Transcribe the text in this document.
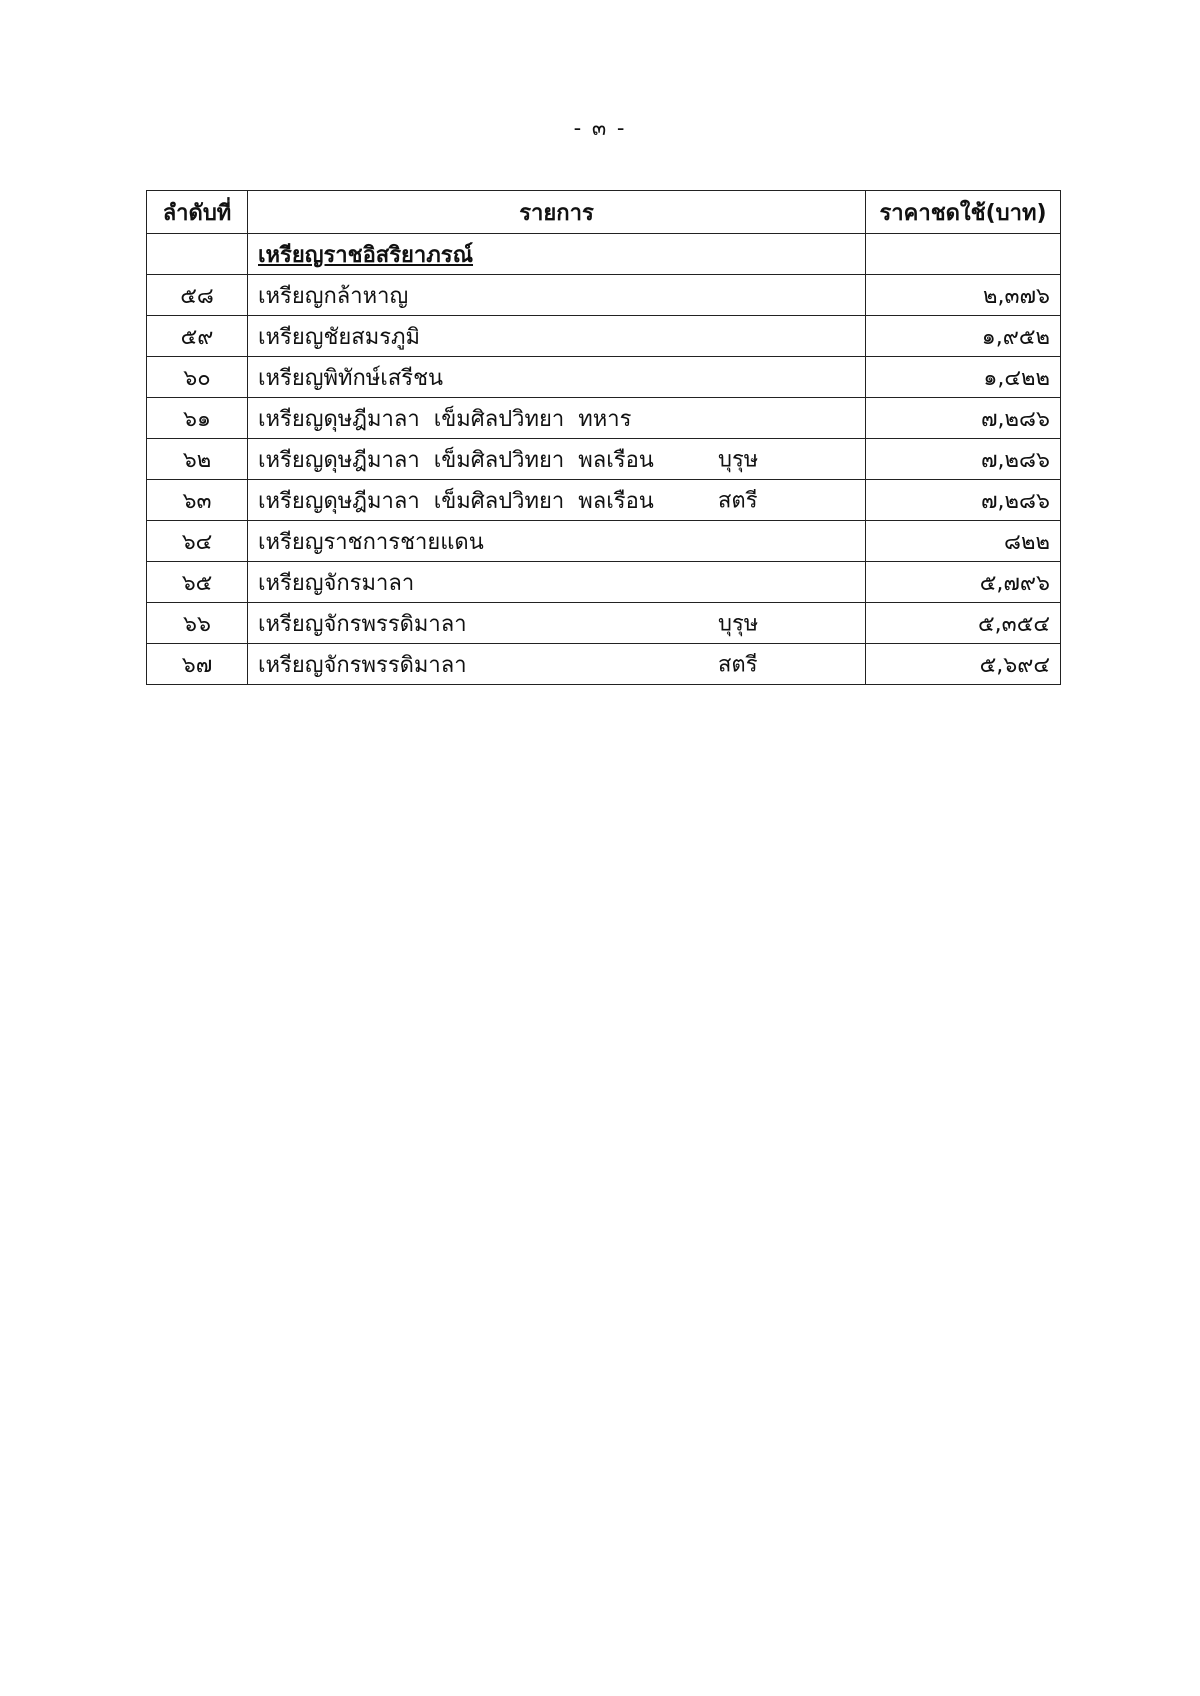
- ๓ -
ลำดับที่	รายการ	ราคาชดใช้(บาท)
	เหรียญราชอิสริยาภรณ์	
๕๘	เหรียญกล้าหาญ	๒,๓๗๖
๕๙	เหรียญชัยสมรภูมิ	๑,๙๕๒
๖๐	เหรียญพิทักษ์เสรีชน	๑,๔๒๒
๖๑	เหรียญดุษฎีมาลา  เข็มศิลปวิทยา  ทหาร	๗,๒๘๖
๖๒	เหรียญดุษฎีมาลา  เข็มศิลปวิทยา  พลเรือน บุรุษ	๗,๒๘๖
๖๓	เหรียญดุษฎีมาลา  เข็มศิลปวิทยา  พลเรือน สตรี	๗,๒๘๖
๖๔	เหรียญราชการชายแดน	๘๒๒
๖๕	เหรียญจักรมาลา	๕,๗๙๖
๖๖	เหรียญจักรพรรดิมาลา บุรุษ	๕,๓๕๔
๖๗	เหรียญจักรพรรดิมาลา สตรี	๕,๖๙๔
